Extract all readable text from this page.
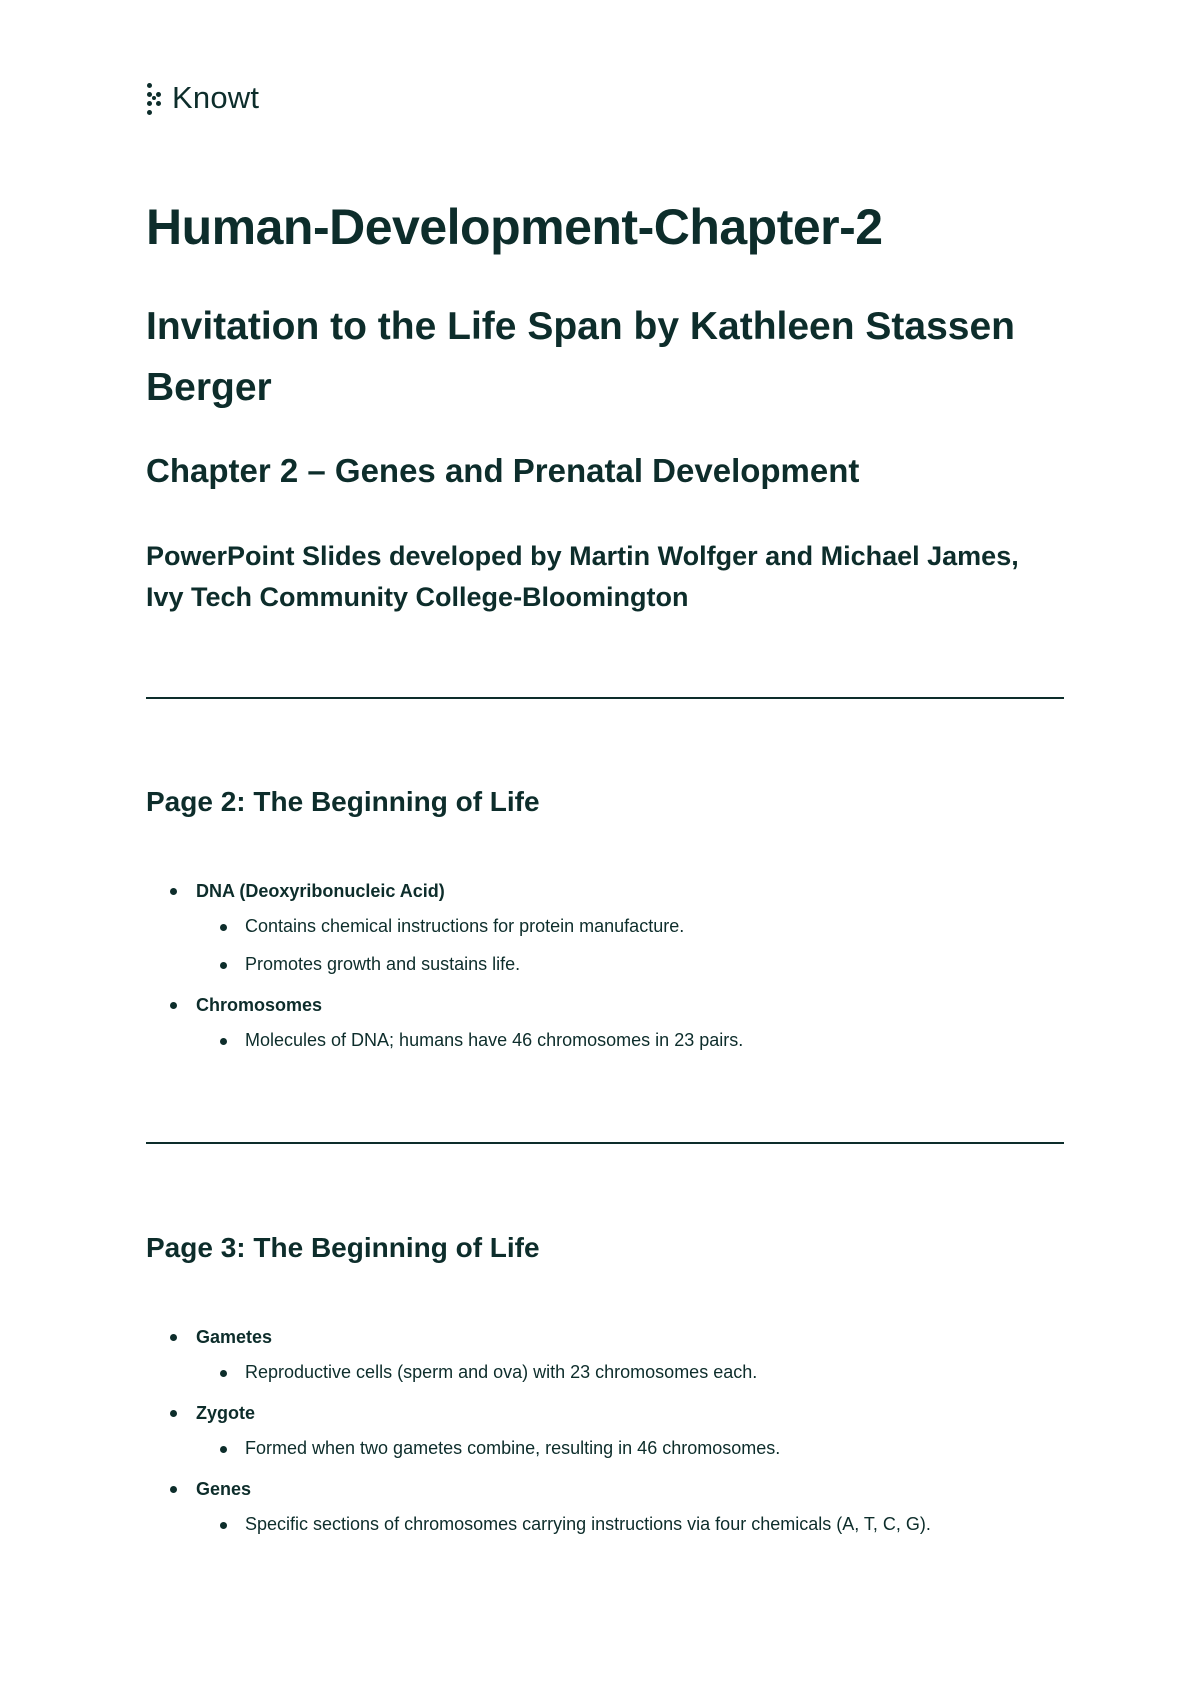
Knowt
Human-Development-Chapter-2
Invitation to the Life Span by Kathleen Stassen Berger
Chapter 2 – Genes and Prenatal Development

PowerPoint Slides developed by Martin Wolfger and Michael James, Ivy Tech Community College-Bloomington

Page 2: The Beginning of Life
DNA (Deoxyribonucleic Acid)
Contains chemical instructions for protein manufacture.
Promotes growth and sustains life.
Chromosomes
Molecules of DNA; humans have 46 chromosomes in 23 pairs.
Page 3: The Beginning of Life
Gametes
Reproductive cells (sperm and ova) with 23 chromosomes each.
Zygote
Formed when two gametes combine, resulting in 46 chromosomes.
Genes
Specific sections of chromosomes carrying instructions via four chemicals (A, T, C, G).
